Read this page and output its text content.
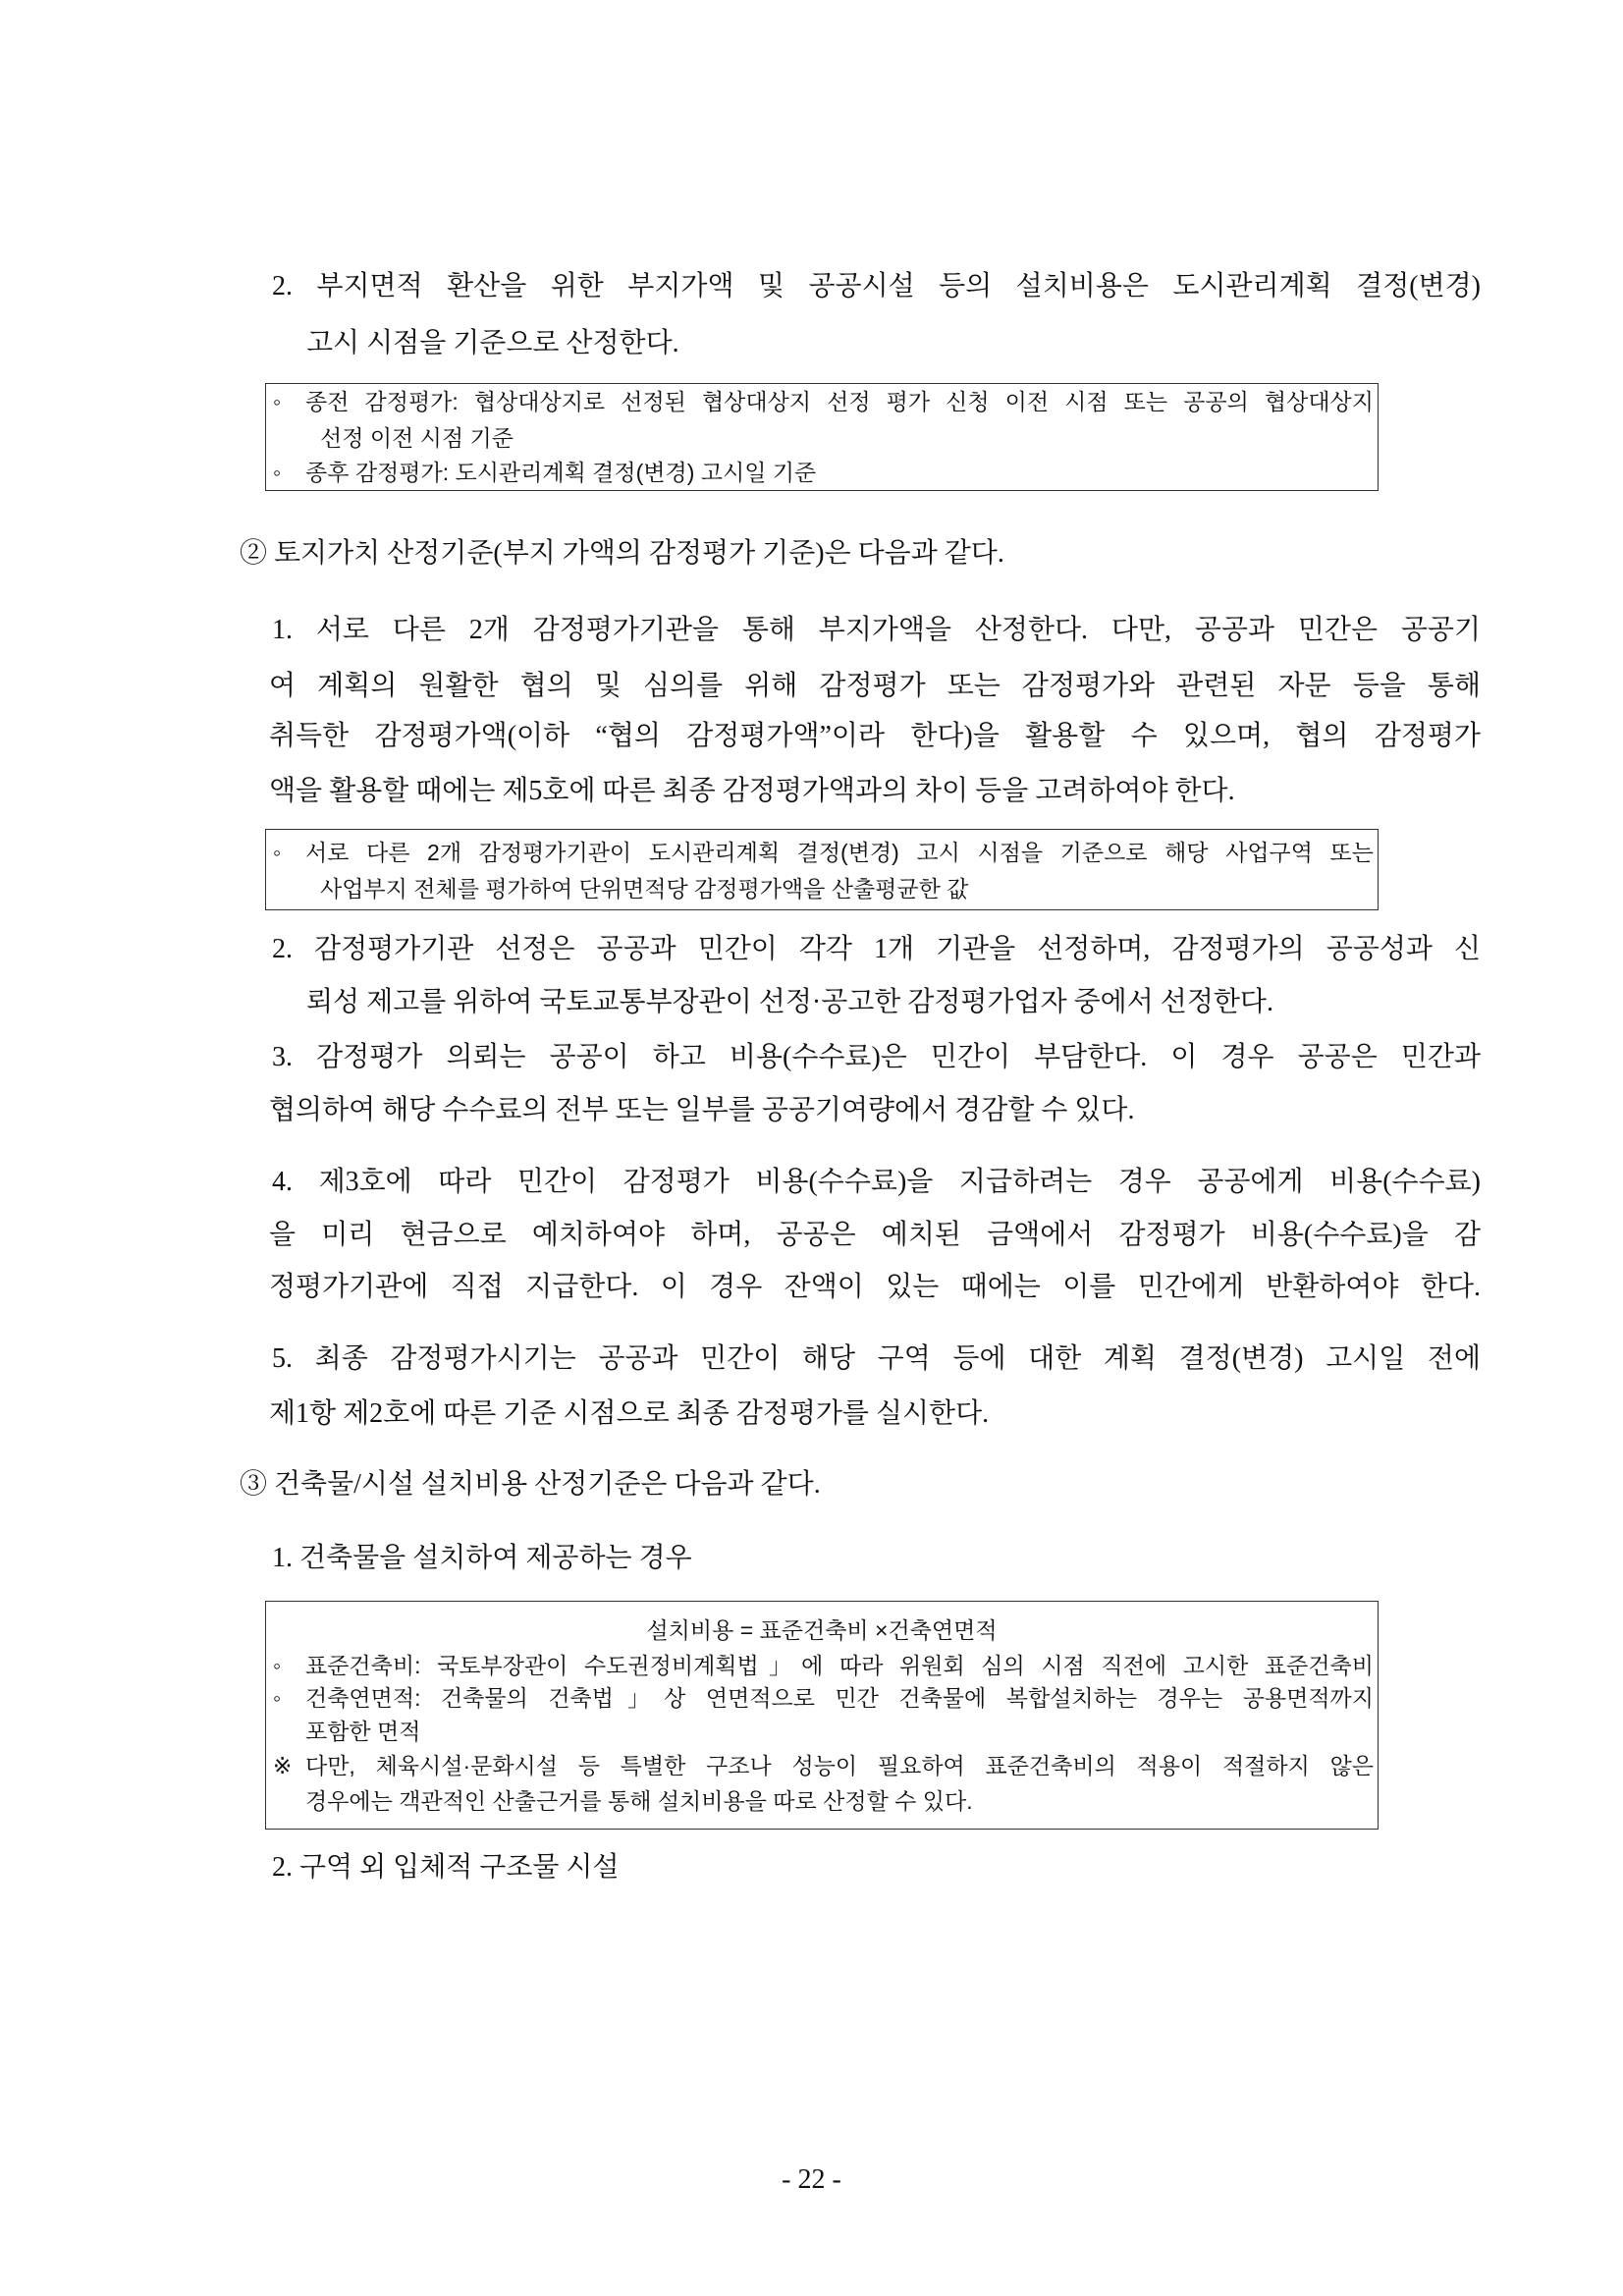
2. 부지면적 환산을 위한 부지가액 및 공공시설 등의 설치비용은 도시관리계획 결정(변경)
고시 시점을 기준으로 산정한다.
◦	종전 감정평가: 협상대상지로 선정된 협상대상지 선정 평가 신청 이전 시점 또는 공공의 협상대상지
선정 이전 시점 기준
◦	종후 감정평가: 도시관리계획 결정(변경) 고시일 기준
② 토지가치 산정기준(부지 가액의 감정평가 기준)은 다음과 같다.
1. 서로 다른 2개 감정평가기관을 통해 부지가액을 산정한다. 다만, 공공과 민간은 공공기
여 계획의 원활한 협의 및 심의를 위해 감정평가 또는 감정평가와 관련된 자문 등을 통해
취득한 감정평가액(이하 “협의 감정평가액”이라 한다)을 활용할 수 있으며, 협의 감정평가
액을 활용할 때에는 제5호에 따른 최종 감정평가액과의 차이 등을 고려하여야 한다.
◦	서로 다른 2개 감정평가기관이 도시관리계획 결정(변경) 고시 시점을 기준으로 해당 사업구역 또는
사업부지 전체를 평가하여 단위면적당 감정평가액을 산출평균한 값
2. 감정평가기관 선정은 공공과 민간이 각각 1개 기관을 선정하며, 감정평가의 공공성과 신
뢰성 제고를 위하여 국토교통부장관이 선정·공고한 감정평가업자 중에서 선정한다.
3. 감정평가 의뢰는 공공이 하고 비용(수수료)은 민간이 부담한다. 이 경우 공공은 민간과
협의하여 해당 수수료의 전부 또는 일부를 공공기여량에서 경감할 수 있다.
4. 제3호에 따라 민간이 감정평가 비용(수수료)을 지급하려는 경우 공공에게 비용(수수료)
을 미리 현금으로 예치하여야 하며, 공공은 예치된 금액에서 감정평가 비용(수수료)을 감
정평가기관에 직접 지급한다. 이 경우 잔액이 있는 때에는 이를 민간에게 반환하여야 한다.
5. 최종 감정평가시기는 공공과 민간이 해당 구역 등에 대한 계획 결정(변경) 고시일 전에
제1항 제2호에 따른 기준 시점으로 최종 감정평가를 실시한다.
③ 건축물/시설 설치비용 산정기준은 다음과 같다.
1. 건축물을 설치하여 제공하는 경우
설치비용 = 표준건축비 ×건축연면적
◦	표준건축비: 국토부장관이 수도권정비계획법」에 따라 위원회 심의 시점 직전에 고시한 표준건축비
◦	건축연면적: 건축물의 건축법」상 연면적으로 민간 건축물에 복합설치하는 경우는 공용면적까지
포함한 면적
※ 다만, 체육시설·문화시설 등 특별한 구조나 성능이 필요하여 표준건축비의 적용이 적절하지 않은
경우에는 객관적인 산출근거를 통해 설치비용을 따로 산정할 수 있다.
2. 구역 외 입체적 구조물 시설
- 22 -
